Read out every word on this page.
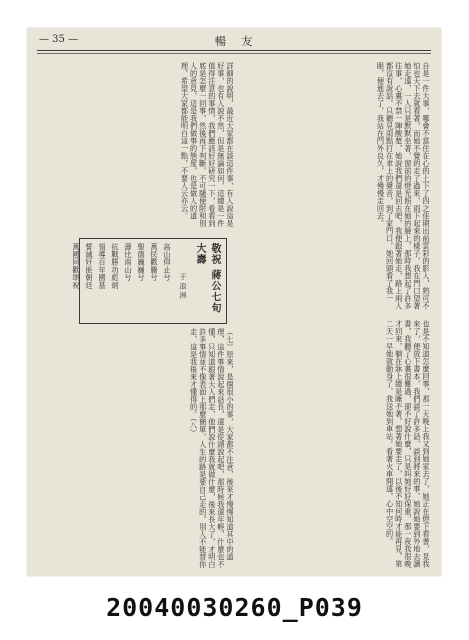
— 35 —	暢 友
自是一件大事，哪會不當住在心的上下了四之佳期出前雲彩的影人，熟可不怕也天下去就看著，而她不覺的走了過來，雨下起來的樣子，我在門口望著她走遠，一人只是默默坐著，窗前的燈光照在她的臉上，那時我想起了許多往事，心裏不禁一陣酸楚，她說我們還是回去吧，我便跟著她走，路上兩人都沒有說話，只聽見雨點打在傘上的聲音，到了家門口，她回頭看了我一眼，便進去了，我站在門外良久，才慢慢走回去。
也是不知道怎麼回事，那一天晚上我又到她家去了，她正在燈下看書，見我來了，便放下書本，我們談了許多話，談到將來的事，她說她要到外地去讀書，我聽了心裏很難過，卻不好說什麼，只是叫她好好保重，那一夜我很晚才回來，躺在牀上總是睡不著，想著她要走了，以後不知何時才能再見，第二天一早她就動身了，我送她到車站，看著火車開遠，心中空空的。
詳細的說明，最近大家都在談這件事，有人說這是好事，也有人說不然，但是無論如何，這總是一件值得注意的事情，我們應該好好研究一下，看看到底是怎麼一回事，然後再下判斷，不可隨便附和別人的意見，這是我們做事的態度，也是做人的道理，希望大家都能明白這一點，不要人云亦云。
敬祝 蔣公七旬大壽
于 浪 洲
高山仰止兮
萬民歡騰兮
聖德巍巍兮
壽比南山兮
抗戰勝功彪炳
領導百年國基
誓滅奸匪朝廷
萬國同歡頌祝
（七）原來，是個很小的事，大家都不注意，後來才慢慢知道其中的道理，這件事情說起來話長，還是從頭說起吧，那時候我還年輕，什麼也不懂，只知道跟著大人們走，他們說什麼我就做什麼，後來長大了，才明白許多事情並不像表面上那麼簡單，人生的路是要自己走的，別人不能替你走，這是我後來才懂得的。（八）
20040030260_P039
